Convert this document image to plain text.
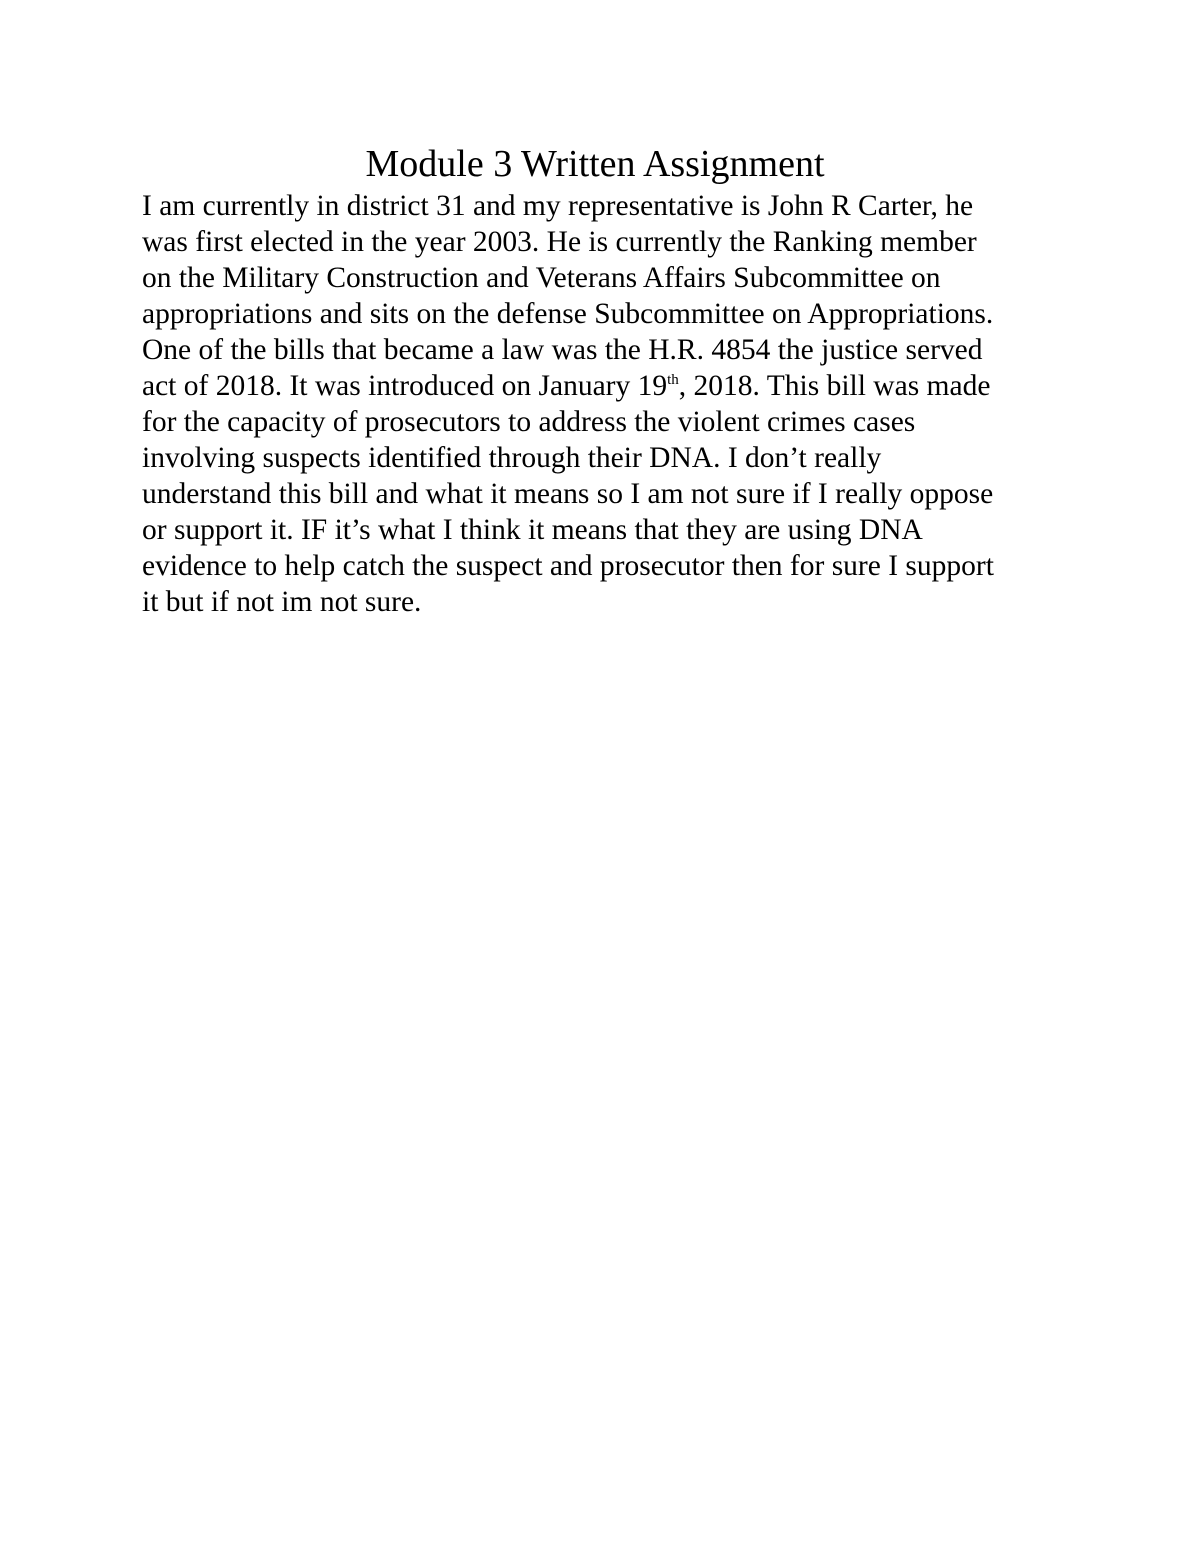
Module 3 Written Assignment
I am currently in district 31 and my representative is John R Carter, he
was first elected in the year 2003. He is currently the Ranking member
on the Military Construction and Veterans Affairs Subcommittee on
appropriations and sits on the defense Subcommittee on Appropriations.
One of the bills that became a law was the H.R. 4854 the justice served
act of 2018. It was introduced on January 19th, 2018. This bill was made
for the capacity of prosecutors to address the violent crimes cases
involving suspects identified through their DNA. I don’t really
understand this bill and what it means so I am not sure if I really oppose
or support it. IF it’s what I think it means that they are using DNA
evidence to help catch the suspect and prosecutor then for sure I support
it but if not im not sure.
